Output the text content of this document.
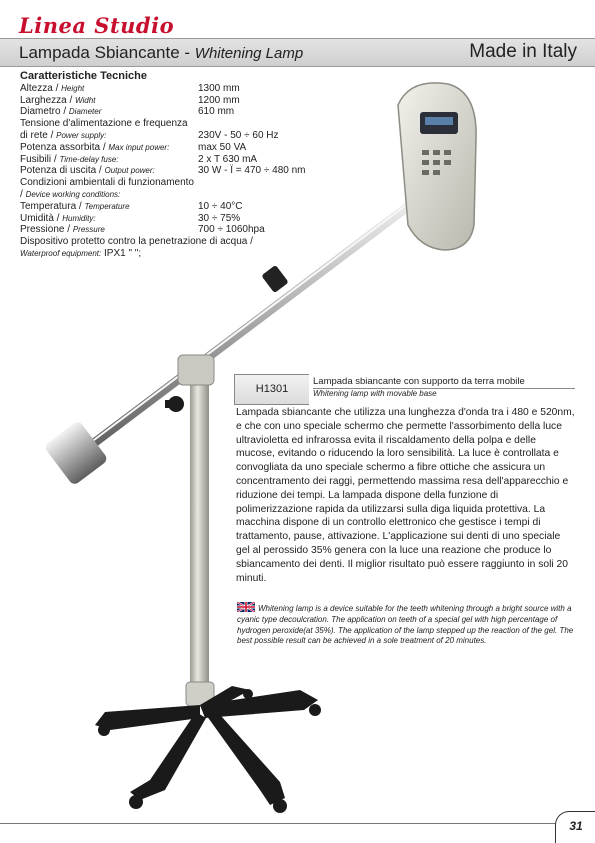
Linea Studio
Lampada Sbiancante - Whitening Lamp	Made in Italy
Caratteristiche Tecniche
Altezza / Height	1300 mm
Larghezza / Widht	1200 mm
Diametro / Diameter	610 mm
Tensione d'alimentazione e frequenza
di rete / Power supply:	230V - 50 ÷ 60 Hz
Potenza assorbita / Max input power:	max 50 VA
Fusibili / Time-delay fuse:	2 x T 630 mA
Potenza di uscita / Output power:	30 W - Ï = 470 ÷ 480 nm
Condizioni ambientali di funzionamento
/ Device working conditions:
Temperatura / Temperature	10 ÷ 40°C
Umidità / Humidity:	30 ÷ 75%
Pressione / Pressure	700 ÷ 1060hpa
Dispositivo protetto contro la penetrazione di acqua /
Waterproof equipment: IPX1 " ";
H1301
Lampada sbiancante con supporto da terra mobile
Whitening lamp with movable base
Lampada sbiancante che utilizza una lunghezza d'onda tra i 480 e 520nm, e che con uno speciale schermo che permette l'assorbimento della luce ultravioletta ed infrarossa evita il riscaldamento della polpa e delle mucose, evitando o riducendo la loro sensibilità. La luce è controllata e convogliata da uno speciale schermo a fibre ottiche che assicura un concentramento dei raggi, permettendo massima resa dell'apparecchio e riduzione dei tempi. La lampada dispone della funzione di polimerizzazione rapida da utilizzarsi sulla diga liquida protettiva. La macchina dispone di un controllo elettronico che gestisce i tempi di trattamento, pause, attivazione. L'applicazione sui denti di uno speciale gel al perossido 35% genera con la luce una reazione che produce lo sbiancamento dei denti. Il miglior risultato può essere raggiunto in soli 20 minuti.
Whitening lamp is a device suitable for the teeth whitening through a bright source with a cyanic type decoulcration. The application on teeth of a special gel with high percentage of hydrogen peroxide(at 35%). The application of the lamp stepped up the reaction of the gel. The best possible result can be achieved in a sole treatment of 20 minutes.
31
